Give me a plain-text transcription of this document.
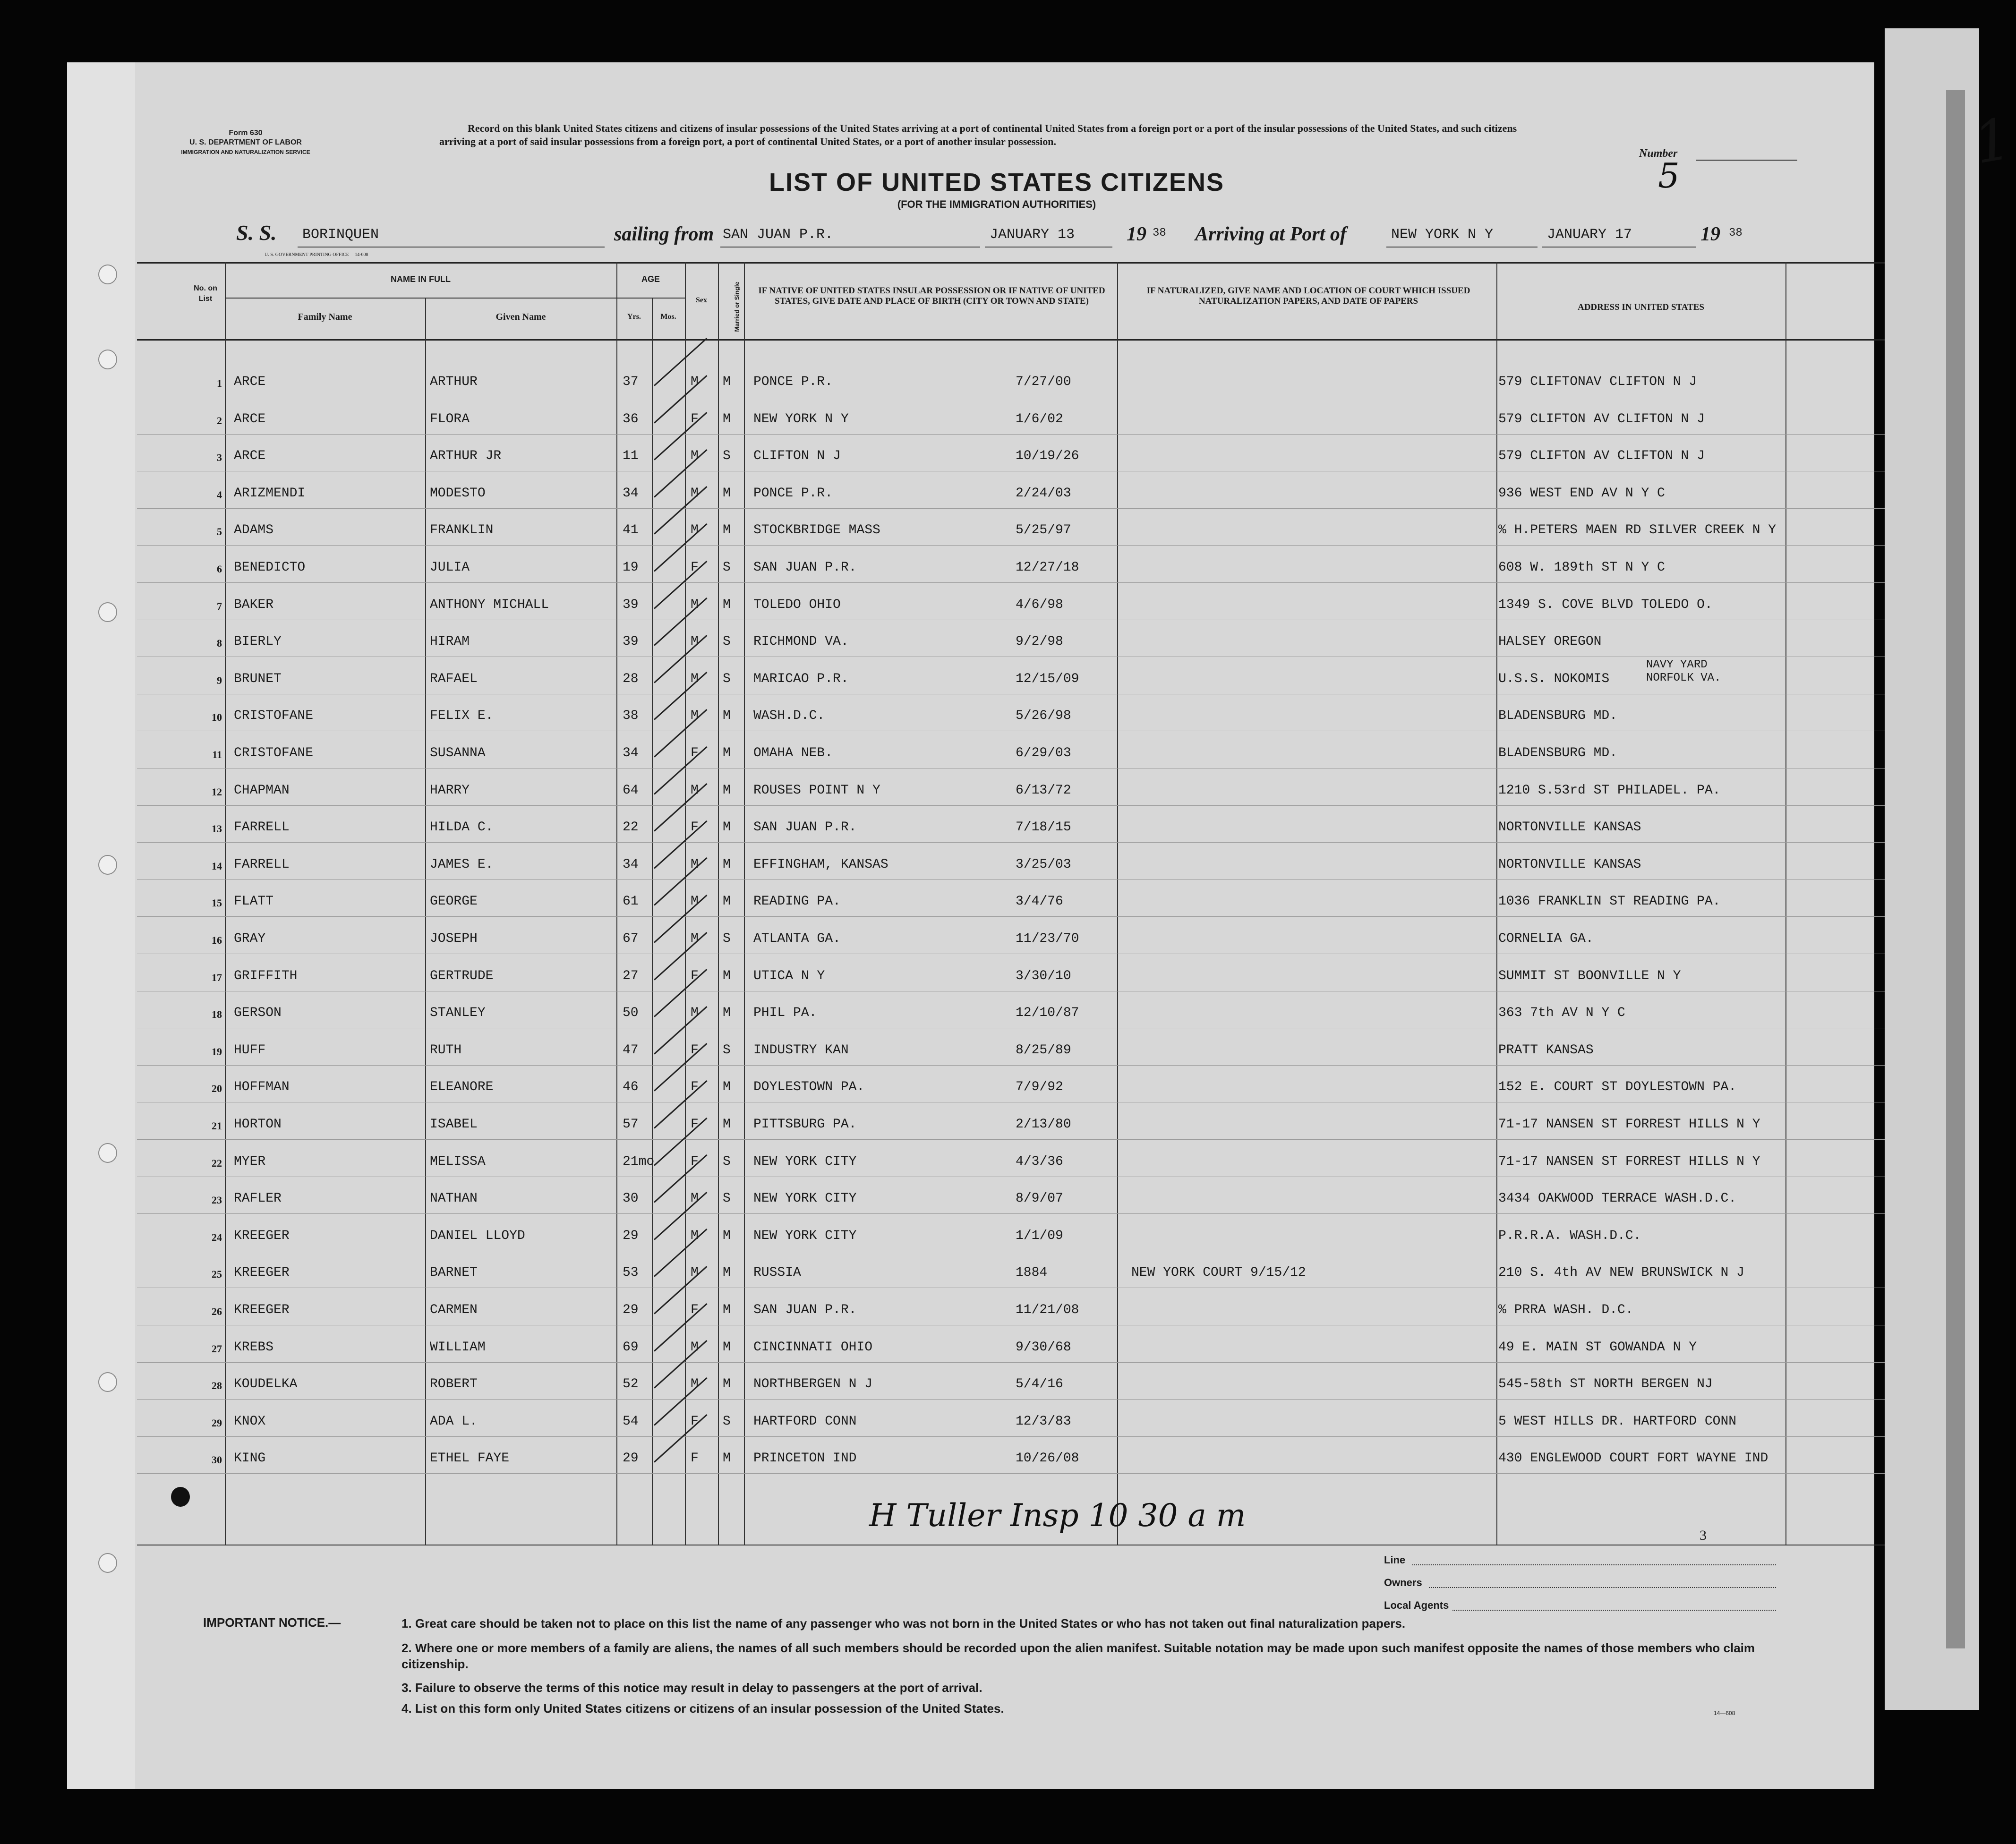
Form 630
U. S. DEPARTMENT OF LABOR
IMMIGRATION AND NATURALIZATION SERVICE
Record on this blank United States citizens and citizens of insular possessions of the United States arriving at a port of continental United States from a foreign port or a port of the insular possessions of the United States, and such citizens arriving at a port of said insular possessions from a foreign port, a port of continental United States, or a port of another insular possession.
LIST OF UNITED STATES CITIZENS
(FOR THE IMMIGRATION AUTHORITIES)
Number	1
5
S. S. BORINQUEN	sailing from SAN JUAN P.R.	JANUARY 13	19 38 Arriving at Port of	NEW YORK N Y	JANUARY 17	19 38
U. S. GOVERNMENT PRINTING OFFICE 14-608
No. on List
NAME IN FULL
Family Name	Given Name
AGE
Yrs.	Mos.
Sex	Married or Single	IF NATIVE OF UNITED STATES INSULAR POSSESSION OR IF NATIVE OF UNITED STATES, GIVE DATE AND PLACE OF BIRTH (CITY OR TOWN AND STATE)
IF NATURALIZED, GIVE NAME AND LOCATION OF COURT WHICH ISSUED NATURALIZATION PAPERS, AND DATE OF PAPERS
ADDRESS IN UNITED STATES
1 ARCE	ARTHUR	37	M M PONCE P.R.	7/27/00	579 CLIFTONAV CLIFTON N J
2 ARCE	FLORA	36	F M NEW YORK N Y	1/6/02	579 CLIFTON AV CLIFTON N J
3 ARCE	ARTHUR JR	11	M S CLIFTON N J	10/19/26	579 CLIFTON AV CLIFTON N J
4 ARIZMENDI	MODESTO	34	M M PONCE P.R.	2/24/03	936 WEST END AV N Y C
5 ADAMS	FRANKLIN	41	M M STOCKBRIDGE MASS	5/25/97	% H.PETERS MAEN RD SILVER CREEK N Y
6 BENEDICTO	JULIA	19	F S SAN JUAN P.R.	12/27/18	608 W. 189th ST N Y C
7 BAKER	ANTHONY MICHALL	39	M M TOLEDO OHIO	4/6/98	1349 S. COVE BLVD TOLEDO O.
8 BIERLY	HIRAM	39	M S RICHMOND VA.	9/2/98	HALSEY OREGON
9 BRUNET	RAFAEL	28	M S MARICAO P.R.	12/15/09	U.S.S. NOKOMIS
NAVY YARD NORFOLK VA.
10 CRISTOFANE	FELIX E.	38	M M WASH.D.C.	5/26/98	BLADENSBURG MD.
11 CRISTOFANE	SUSANNA	34	F M OMAHA NEB.	6/29/03	BLADENSBURG MD.
12 CHAPMAN	HARRY	64	M M ROUSES POINT N Y	6/13/72	1210 S.53rd ST PHILADEL. PA.
13 FARRELL	HILDA C.	22	F M SAN JUAN P.R.	7/18/15	NORTONVILLE KANSAS
14 FARRELL	JAMES E.	34	M M EFFINGHAM, KANSAS	3/25/03	NORTONVILLE KANSAS
15 FLATT	GEORGE	61	M M READING PA.	3/4/76	1036 FRANKLIN ST READING PA.
16 GRAY	JOSEPH	67	M S ATLANTA GA.	11/23/70	CORNELIA GA.
17 GRIFFITH	GERTRUDE	27	F M UTICA N Y	3/30/10	SUMMIT ST BOONVILLE N Y
18 GERSON	STANLEY	50	M M PHIL PA.	12/10/87	363 7th AV N Y C
19 HUFF	RUTH	47	F S INDUSTRY KAN	8/25/89	PRATT KANSAS
20 HOFFMAN	ELEANORE	46	F M DOYLESTOWN PA.	7/9/92	152 E. COURT ST DOYLESTOWN PA.
21 HORTON	ISABEL	57	F M PITTSBURG PA.	2/13/80	71-17 NANSEN ST FORREST HILLS N Y
22 MYER	MELISSA	21mo	F S NEW YORK CITY	4/3/36	71-17 NANSEN ST FORREST HILLS N Y
23 RAFLER	NATHAN	30	M S NEW YORK CITY	8/9/07	3434 OAKWOOD TERRACE WASH.D.C.
24 KREEGER	DANIEL LLOYD	29	M M NEW YORK CITY	1/1/09	P.R.R.A. WASH.D.C.
25 KREEGER	BARNET	53	M M RUSSIA	1884	NEW YORK COURT 9/15/12	210 S. 4th AV NEW BRUNSWICK N J
26 KREEGER	CARMEN	29	F M SAN JUAN P.R.	11/21/08	% PRRA WASH. D.C.
27 KREBS	WILLIAM	69	M M CINCINNATI OHIO	9/30/68	49 E. MAIN ST GOWANDA N Y
28 KOUDELKA	ROBERT	52	M M NORTHBERGEN N J	5/4/16	545-58th ST NORTH BERGEN NJ
29 KNOX	ADA L.	54	F S HARTFORD CONN	12/3/83	5 WEST HILLS DR. HARTFORD CONN
30 KING	ETHEL FAYE	29	F M PRINCETON IND	10/26/08	430 ENGLEWOOD COURT FORT WAYNE IND
H Tuller Insp 10 30 a m
3
Line
Owners
Local Agents
IMPORTANT NOTICE.—	1. Great care should be taken not to place on this list the name of any passenger who was not born in the United States or who has not taken out final naturalization papers.
2. Where one or more members of a family are aliens, the names of all such members should be recorded upon the alien manifest. Suitable notation may be made upon such manifest opposite the names of those members who claim citizenship.
3. Failure to observe the terms of this notice may result in delay to passengers at the port of arrival.
4. List on this form only United States citizens or citizens of an insular possession of the United States.	14—608
